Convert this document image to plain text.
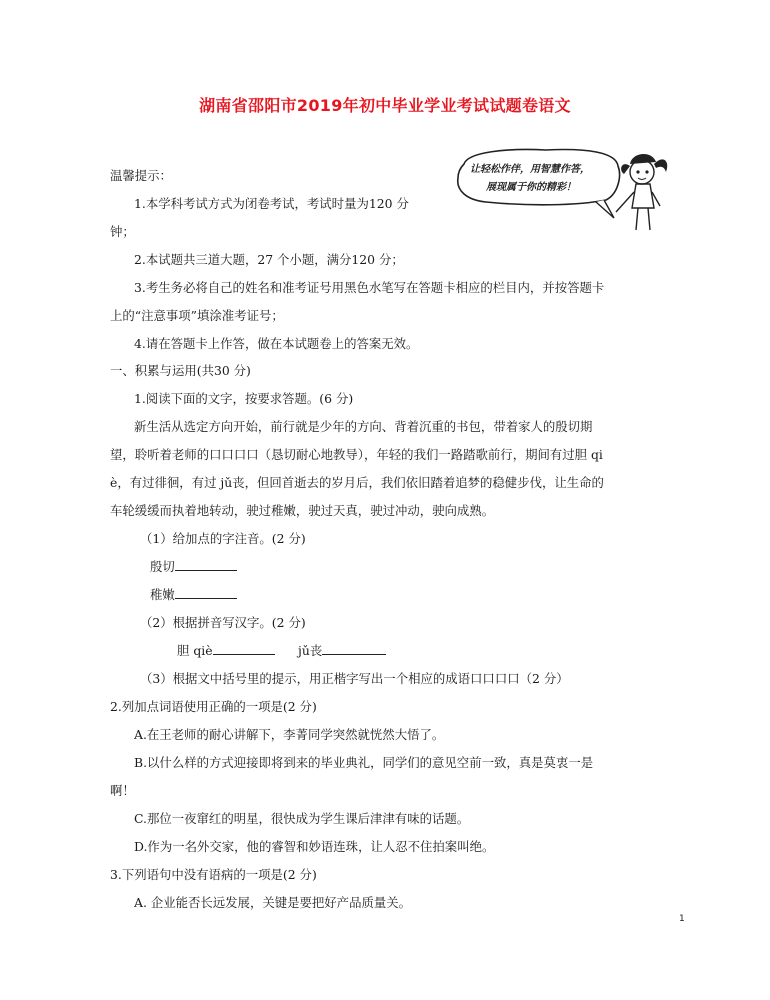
湖南省邵阳市2019年初中毕业学业考试试题卷语文
让轻松作伴，用智慧作答，
展现属于你的精彩！
温馨提示：
1.本学科考试方式为闭卷考试，考试时量为120 分
钟；
2.本试题共三道大题，27 个小题，满分120 分；
3.考生务必将自己的姓名和准考证号用黑色水笔写在答题卡相应的栏目内，并按答题卡
上的“注意事项”填涂准考证号；
4.请在答题卡上作答，做在本试题卷上的答案无效。
一、积累与运用(共30 分)
1.阅读下面的文字，按要求答题。(6 分)
新生活从选定方向开始，前行就是少年的方向、背着沉重的书包，带着家人的殷切期
望，聆听着老师的口口口口（恳切耐心地教导），年轻的我们一路踏歌前行，期间有过胆 qi
è，有过徘徊，有过 jǔ丧，但回首逝去的岁月后，我们依旧踏着追梦的稳健步伐，让生命的
车轮缓缓而执着地转动，驶过稚嫩，驶过天真，驶过冲动，驶向成熟。
（1）给加点的字注音。(2 分)
殷切
稚嫩
（2）根据拼音写汉字。(2 分)
胆 qiè	jǔ丧
（3）根据文中括号里的提示，用正楷字写出一个相应的成语口口口口（2 分）
2.列加点词语使用正确的一项是(2 分)
A.在王老师的耐心讲解下，李菁同学突然就恍然大悟了。
B.以什么样的方式迎接即将到来的毕业典礼，同学们的意见空前一致，真是莫衷一是
啊！
C.那位一夜窜红的明星，很快成为学生课后津津有味的话题。
D.作为一名外交家，他的睿智和妙语连珠，让人忍不住拍案叫绝。
3.下列语句中没有语病的一项是(2 分)
A. 企业能否长远发展，关键是要把好产品质量关。
1
